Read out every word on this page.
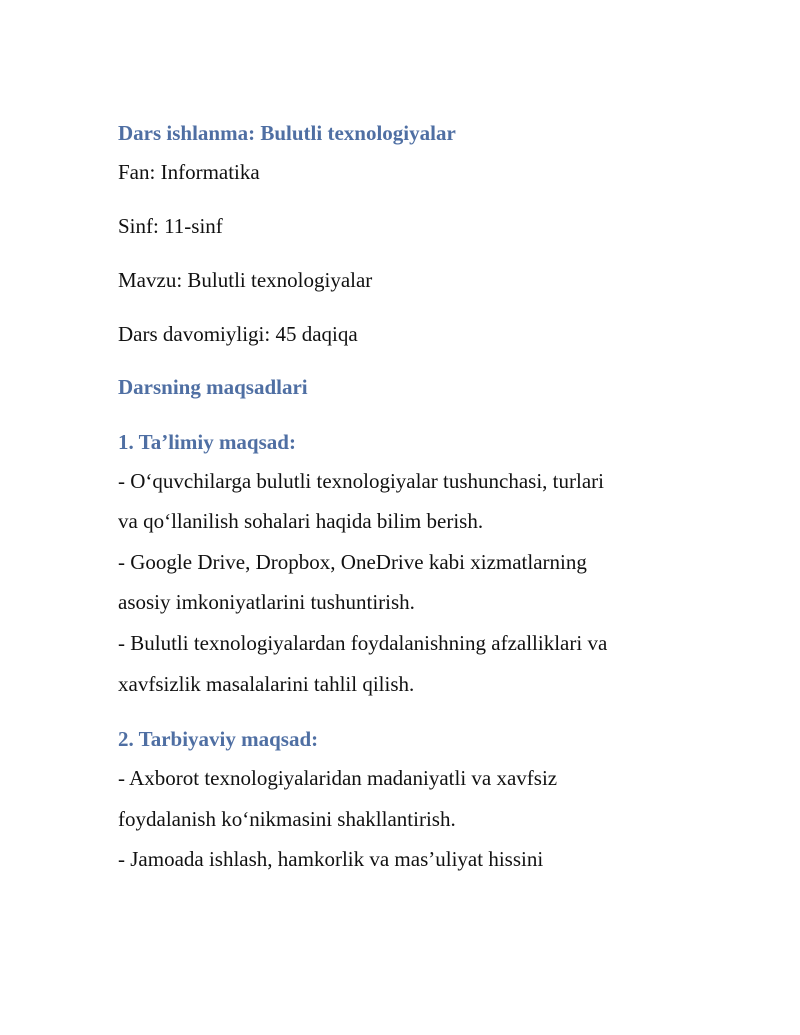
Dars ishlanma: Bulutli texnologiyalar

Fan: Informatika

Sinf: 11-sinf

Mavzu: Bulutli texnologiyalar

Dars davomiyligi: 45 daqiqa

Darsning maqsadlari
1. Ta’limiy maqsad:

- O‘quvchilarga bulutli texnologiyalar tushunchasi, turlari

va qo‘llanilish sohalari haqida bilim berish.

- Google Drive, Dropbox, OneDrive kabi xizmatlarning

asosiy imkoniyatlarini tushuntirish.

- Bulutli texnologiyalardan foydalanishning afzalliklari va

xavfsizlik masalalarini tahlil qilish.

2. Tarbiyaviy maqsad:

- Axborot texnologiyalaridan madaniyatli va xavfsiz

foydalanish ko‘nikmasini shakllantirish.

- Jamoada ishlash, hamkorlik va mas’uliyat hissini
